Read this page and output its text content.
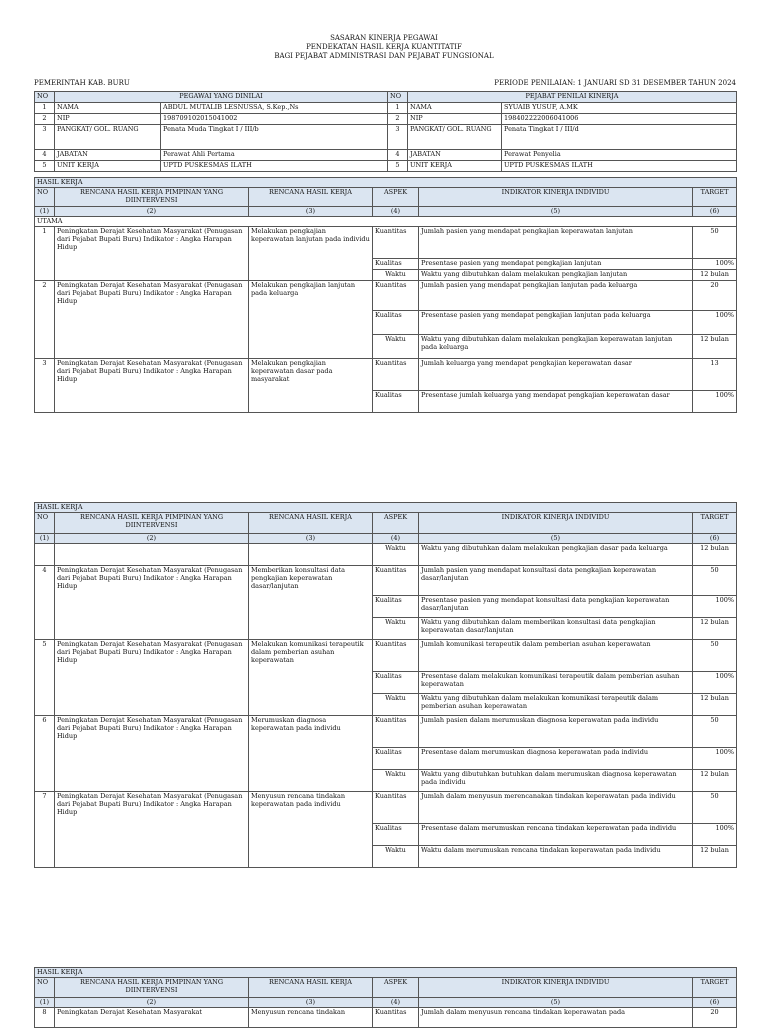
SASARAN KINERJA PEGAWAI
PENDEKATAN HASIL KERJA KUANTITATIF
BAGI PEJABAT ADMINISTRASI DAN PEJABAT FUNGSIONAL
PEMERINTAH KAB. BURU	PERIODE PENILAIAN: 1 JANUARI SD 31 DESEMBER TAHUN 2024
NO	PEGAWAI YANG DINILAI		NO	PEJABAT PENILAI KINERJA	
1	NAMA	ABDUL MUTALIB LESNUSSA, S.Kep.,Ns	1	NAMA	SYUAIB YUSUF, A.MK
2	NIP	198709102015041002	2	NIP	198402222006041006
3	PANGKAT/ GOL. RUANG	Penata Muda Tingkat I / III/b	3	PANGKAT/ GOL. RUANG	Penata Tingkat I / III/d
4	JABATAN	Perawat Ahli Pertama	4	JABATAN	Perawat Penyelia
5	UNIT KERJA	UPTD PUSKESMAS ILATH	5	UNIT KERJA	UPTD PUSKESMAS ILATH
HASIL KERJA					
NO	RENCANA HASIL KERJA PIMPINAN YANG DIINTERVENSI	RENCANA HASIL KERJA	ASPEK	INDIKATOR KINERJA INDIVIDU	TARGET
(1)	(2)	(3)	(4)	(5)	(6)
UTAMA					
1	Peningkatan Derajat Kesehatan Masyarakat (Penugasan dari Pejabat Bupati Buru) Indikator : Angka Harapan Hidup	Melakukan pengkajian keperawatan lanjutan pada individu	Kuantitas	Jumlah pasien yang mendapat pengkajian keperawatan lanjutan	50
			Kualitas	Presentase pasien yang mendapat pengkajian lanjutan	100%
			Waktu	Waktu yang dibutuhkan dalam melakukan pengkajian lanjutan	12 bulan
2	Peningkatan Derajat Kesehatan Masyarakat (Penugasan dari Pejabat Bupati Buru) Indikator : Angka Harapan Hidup	Melakukan pengkajian lanjutan pada keluarga	Kuantitas	Jumlah pasien yang mendapat pengkajian lanjutan pada keluarga	20
			Kualitas	Presentase pasien yang mendapat pengkajian lanjutan pada keluarga	100%
			Waktu	Waktu yang dibutuhkan dalam melakukan pengkajian keperawatan lanjutan pada keluarga	12 bulan
3	Peningkatan Derajat Kesehatan Masyarakat (Penugasan dari Pejabat Bupati Buru) Indikator : Angka Harapan Hidup	Melakukan pengkajian keperawatan dasar pada masyarakat	Kuantitas	Jumlah keluarga yang mendapat pengkajian keperawatan dasar	13
			Kualitas	Presentase jumlah keluarga yang mendapat pengkajian keperawatan dasar	100%
HASIL KERJA					
NO	RENCANA HASIL KERJA PIMPINAN YANG DIINTERVENSI	RENCANA HASIL KERJA	ASPEK	INDIKATOR KINERJA INDIVIDU	TARGET
(1)	(2)	(3)	(4)	(5)	(6)
			Waktu	Waktu yang dibutuhkan dalam melakukan pengkajian dasar pada keluarga	12 bulan
4	Peningkatan Derajat Kesehatan Masyarakat (Penugasan dari Pejabat Bupati Buru) Indikator : Angka Harapan Hidup	Memberikan konsultasi data pengkajian keperawatan dasar/lanjutan	Kuantitas	Jumlah pasien yang mendapat konsultasi data pengkajian keperawatan dasar/lanjutan	50
			Kualitas	Presentase pasien yang mendapat konsultasi data pengkajian keperawatan dasar/lanjutan	100%
			Waktu	Waktu yang dibutuhkan dalam memberikan konsultasi data pengkajian keperawatan dasar/lanjutan	12 bulan
5	Peningkatan Derajat Kesehatan Masyarakat (Penugasan dari Pejabat Bupati Buru) Indikator : Angka Harapan Hidup	Melakukan komunikasi terapeutik dalam pemberian asuhan keperawatan	Kuantitas	Jumlah komunikasi terapeutik dalam pemberian asuhan keperawatan	50
			Kualitas	Presentase dalam melakukan komunikasi terapeutik dalam pemberian asuhan keperawatan	100%
			Waktu	Waktu yang dibutuhkan dalam melakukan komunikasi terapeutik dalam pemberian asuhan keperawatan	12 bulan
6	Peningkatan Derajat Kesehatan Masyarakat (Penugasan dari Pejabat Bupati Buru) Indikator : Angka Harapan Hidup	Merumuskan diagnosa keperawatan pada individu	Kuantitas	Jumlah pasien dalam merumuskan diagnosa keperawatan pada individu	50
			Kualitas	Presentase dalam merumuskan diagnosa keperawatan pada individu	100%
			Waktu	Waktu yang dibutuhkan butuhkan dalam merumuskan diagnosa keperawatan pada individu	12 bulan
7	Peningkatan Derajat Kesehatan Masyarakat (Penugasan dari Pejabat Bupati Buru) Indikator : Angka Harapan Hidup	Menyusun rencana tindakan keperawatan pada individu	Kuantitas	Jumlah dalam menyusun merencanakan tindakan keperawatan pada individu	50
			Kualitas	Presentase dalam merumuskan rencana tindakan keperawatan pada individu	100%
			Waktu	Waktu dalam merumuskan rencana tindakan keperawatan pada individu	12 bulan
HASIL KERJA					
NO	RENCANA HASIL KERJA PIMPINAN YANG DIINTERVENSI	RENCANA HASIL KERJA	ASPEK	INDIKATOR KINERJA INDIVIDU	TARGET
(1)	(2)	(3)	(4)	(5)	(6)
8	Peningkatan Derajat Kesehatan Masyarakat	Menyusun rencana tindakan	Kuantitas	Jumlah dalam menyusun rencana tindakan keperawatan pada	20
